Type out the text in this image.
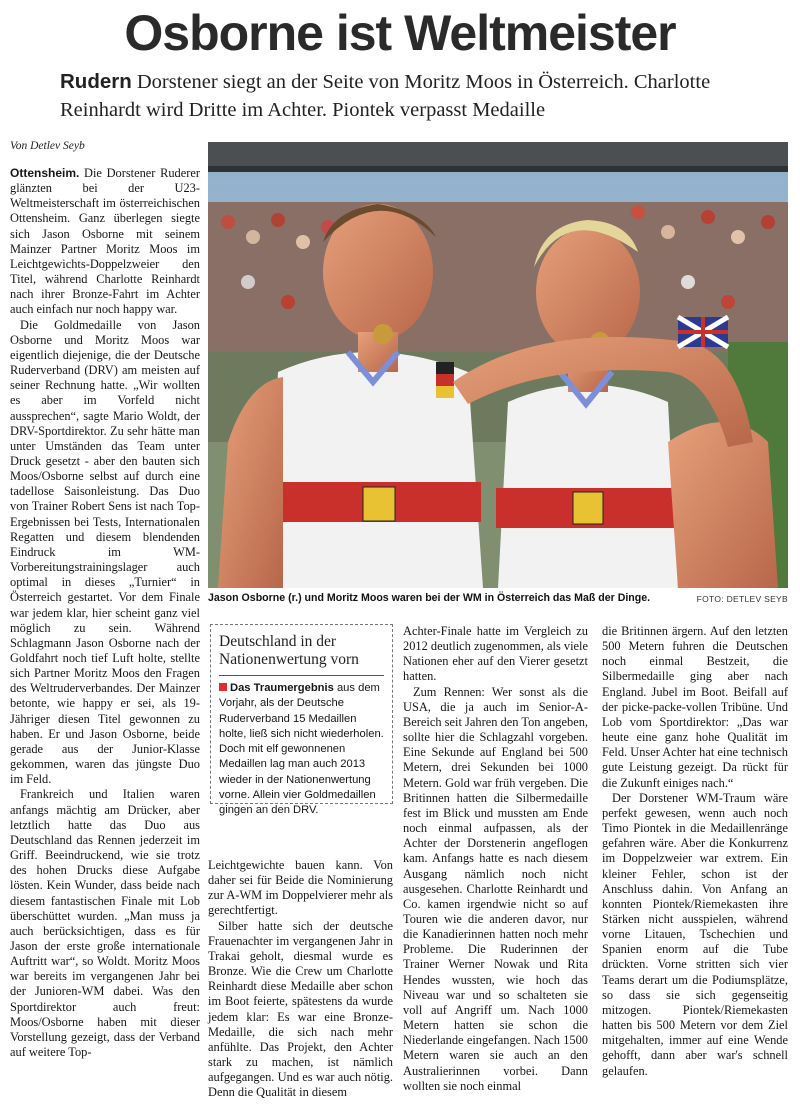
Osborne ist Weltmeister

Rudern Dorstener siegt an der Seite von Moritz Moos in Österreich. Charlotte Reinhardt wird Dritte im Achter. Piontek verpasst Medaille

Von Detlev Seyb

Ottensheim. Die Dorstener Ruderer glänzten bei der U23-Weltmeisterschaft im österreichischen Ottensheim. Ganz überlegen siegte sich Jason Osborne mit seinem Mainzer Partner Moritz Moos im Leichtgewichts-Doppelzweier den Titel, während Charlotte Reinhardt nach ihrer Bronze-Fahrt im Achter auch einfach nur noch happy war.

Die Goldmedaille von Jason Osborne und Moritz Moos war eigentlich diejenige, die der Deutsche Ruderverband (DRV) am meisten auf seiner Rechnung hatte. „Wir wollten es aber im Vorfeld nicht aussprechen“, sagte Mario Woldt, der DRV-Sportdirektor. Zu sehr hätte man unter Umständen das Team unter Druck gesetzt - aber den bauten sich Moos/Osborne selbst auf durch eine tadellose Saisonleistung. Das Duo von Trainer Robert Sens ist nach Top-Ergebnissen bei Tests, Internationalen Regatten und diesem blendenden Eindruck im WM-Vorbereitungstrainingslager auch optimal in dieses „Turnier“ in Österreich gestartet. Vor dem Finale war jedem klar, hier scheint ganz viel möglich zu sein. Während Schlagmann Jason Osborne nach der Goldfahrt noch tief Luft holte, stellte sich Partner Moritz Moos den Fragen des Weltruderverbandes. Der Mainzer betonte, wie happy er sei, als 19-Jähriger diesen Titel gewonnen zu haben. Er und Jason Osborne, beide gerade aus der Junior-Klasse gekommen, waren das jüngste Duo im Feld.

Frankreich und Italien waren anfangs mächtig am Drücker, aber letztlich hatte das Duo aus Deutschland das Rennen jederzeit im Griff. Beeindruckend, wie sie trotz des hohen Drucks diese Aufgabe lösten. Kein Wunder, dass beide nach diesem fantastischen Finale mit Lob überschüttet wurden. „Man muss ja auch berücksichtigen, dass es für Jason der erste große internationale Auftritt war“, so Woldt. Moritz Moos war bereits im vergangenen Jahr bei der Junioren-WM dabei. Was den Sportdirektor auch freut: Moos/Osborne haben mit dieser Vorstellung gezeigt, dass der Verband auf weitere Top-

Jason Osborne (r.) und Moritz Moos waren bei der WM in Österreich das Maß der Dinge.	FOTO: DETLEV SEYB
Deutschland in der Nationenwertung vorn

Das Traumergebnis aus dem Vorjahr, als der Deutsche Ruderverband 15 Medaillen holte, ließ sich nicht wiederholen. Doch mit elf gewonnenen Medaillen lag man auch 2013 wieder in der Nationenwertung vorne. Allein vier Goldmedaillen gingen an den DRV.

Leichtgewichte bauen kann. Von daher sei für Beide die Nominierung zur A-WM im Doppelvierer mehr als gerechtfertigt.

Silber hatte sich der deutsche Frauenachter im vergangenen Jahr in Trakai geholt, diesmal wurde es Bronze. Wie die Crew um Charlotte Reinhardt diese Medaille aber schon im Boot feierte, spätestens da wurde jedem klar: Es war eine Bronze-Medaille, die sich nach mehr anfühlte. Das Projekt, den Achter stark zu machen, ist nämlich aufgegangen. Und es war auch nötig. Denn die Qualität in diesem

Achter-Finale hatte im Vergleich zu 2012 deutlich zugenommen, als viele Nationen eher auf den Vierer gesetzt hatten.

Zum Rennen: Wer sonst als die USA, die ja auch im Senior-A-Bereich seit Jahren den Ton angeben, sollte hier die Schlagzahl vorgeben. Eine Sekunde auf England bei 500 Metern, drei Sekunden bei 1000 Metern. Gold war früh vergeben. Die Britinnen hatten die Silbermedaille fest im Blick und mussten am Ende noch einmal aufpassen, als der Achter der Dorstenerin angeflogen kam. Anfangs hatte es nach diesem Ausgang nämlich noch nicht ausgesehen. Charlotte Reinhardt und Co. kamen irgendwie nicht so auf Touren wie die anderen davor, nur die Kanadierinnen hatten noch mehr Probleme. Die Ruderinnen der Trainer Werner Nowak und Rita Hendes wussten, wie hoch das Niveau war und so schalteten sie voll auf Angriff um. Nach 1000 Metern hatten sie schon die Niederlande eingefangen. Nach 1500 Metern waren sie auch an den Australierinnen vorbei. Dann wollten sie noch einmal

die Britinnen ärgern. Auf den letzten 500 Metern fuhren die Deutschen noch einmal Bestzeit, die Silbermedaille ging aber nach England. Jubel im Boot. Beifall auf der picke-packe-vollen Tribüne. Und Lob vom Sportdirektor: „Das war heute eine ganz hohe Qualität im Feld. Unser Achter hat eine technisch gute Leistung gezeigt. Da rückt für die Zukunft einiges nach.“

Der Dorstener WM-Traum wäre perfekt gewesen, wenn auch noch Timo Piontek in die Medaillenränge gefahren wäre. Aber die Konkurrenz im Doppelzweier war extrem. Ein kleiner Fehler, schon ist der Anschluss dahin. Von Anfang an konnten Piontek/Riemekasten ihre Stärken nicht ausspielen, während vorne Litauen, Tschechien und Spanien enorm auf die Tube drückten. Vorne stritten sich vier Teams derart um die Podiumsplätze, so dass sie sich gegenseitig mitzogen. Piontek/Riemekasten hatten bis 500 Metern vor dem Ziel mitgehalten, immer auf eine Wende gehofft, dann aber war's schnell gelaufen.
